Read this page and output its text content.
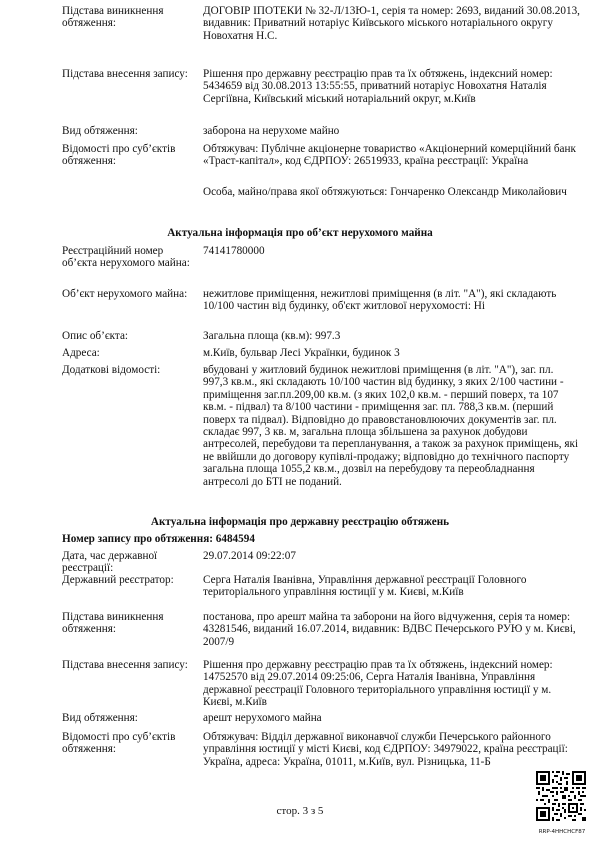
Підстава виникнення обтяження:
ДОГОВІР ІПОТЕКИ № 32-Л/13Ю-1, серія та номер: 2693, виданий 30.08.2013, видавник: Приватний нотаріус Київського міського нотаріального округу Новохатня Н.С.
Підстава внесення запису:	Рішення про державну реєстрацію прав та їх обтяжень, індексний номер: 5434659 від 30.08.2013 13:55:55, приватний нотаріус Новохатня Наталія Сергіївна, Київський міський нотаріальний округ, м.Київ
Вид обтяження:	заборона на нерухоме майно
Відомості про суб’єктів обтяження:
Обтяжувач: Публічне акціонерне товариство «Акціонерний комерційний банк «Траст-капітал», код ЄДРПОУ: 26519933, країна реєстрації: Україна
Особа, майно/права якої обтяжуються: Гончаренко Олександр Миколайович
Актуальна інформація про об’єкт нерухомого майна
Реєстраційний номер об’єкта нерухомого майна:
74141780000
Об’єкт нерухомого майна:	нежитлове приміщення, нежитлові приміщення (в літ. "А"), які складають 10/100 частин від будинку, об'єкт житлової нерухомості: Ні
Опис об’єкта:	Загальна площа (кв.м): 997.3
Адреса:	м.Київ, бульвар Лесі Українки, будинок 3
Додаткові відомості:	вбудовані у житловий будинок нежитлові приміщення (в літ. "А"), заг. пл. 997,3 кв.м., які складають 10/100 частин від будинку, з яких 2/100 частини - приміщення заг.пл.209,00 кв.м. (з яких 102,0 кв.м. - перший поверх, та 107 кв.м. - підвал) та 8/100 частини - приміщення заг. пл. 788,3 кв.м. (перший поверх та підвал). Відповідно до правовстановлюючих документів заг. пл. складає 997, 3 кв. м, загальна площа збільшена за рахунок добудови антресолей, перебудови та перепланування, а також за рахунок приміщень, які не ввійшли до договору купівлі-продажу; відповідно до технічного паспорту загальна площа 1055,2 кв.м., дозвіл на перебудову та переобладнання антресолі до БТІ не поданий.
Актуальна інформація про державну реєстрацію обтяжень
Номер запису про обтяження: 6484594
Дата, час державної реєстрації:
29.07.2014 09:22:07
Державний реєстратор:	Серга Наталія Іванівна, Управління державної реєстрації Головного територіального управління юстиції у м. Києві, м.Київ
Підстава виникнення обтяження:
постанова, про арешт майна та заборони на його відчуження, серія та номер: 43281546, виданий 16.07.2014, видавник: ВДВС Печерського РУЮ у м. Києві, 2007/9
Підстава внесення запису:	Рішення про державну реєстрацію прав та їх обтяжень, індексний номер: 14752570 від 29.07.2014 09:25:06, Серга Наталія Іванівна, Управління державної реєстрації Головного територіального управління юстиції у м. Києві, м.Київ
Вид обтяження:	арешт нерухомого майна
Відомості про суб’єктів обтяження:
Обтяжувач: Відділ державної виконавчої служби Печерського районного управління юстиції у місті Києві, код ЄДРПОУ: 34979022, країна реєстрації: Україна, адреса: Україна, 01011, м.Київ, вул. Різницька, 11-Б
стор. 3 з 5
RRP-4HHCHCF87
